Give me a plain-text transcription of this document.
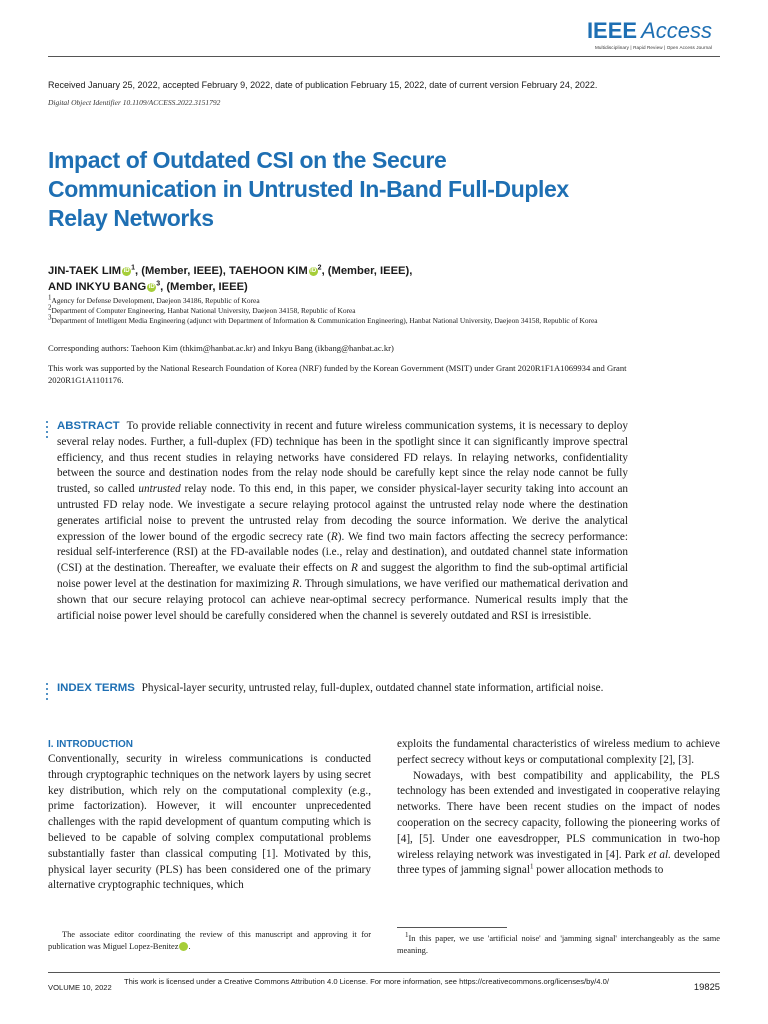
IEEE Access
Multidisciplinary | Rapid Review | Open Access Journal
Received January 25, 2022, accepted February 9, 2022, date of publication February 15, 2022, date of current version February 24, 2022.
Digital Object Identifier 10.1109/ACCESS.2022.3151792
Impact of Outdated CSI on the Secure Communication in Untrusted In-Band Full-Duplex Relay Networks
JIN-TAEK LIM iD $^1$, (Member, IEEE), TAEHOON KIM iD $^2$, (Member, IEEE),
AND INKYU BANG iD $^3$, (Member, IEEE)
$^1$Agency for Defense Development, Daejeon 34186, Republic of Korea
$^2$Department of Computer Engineering, Hanbat National University, Daejeon 34158, Republic of Korea
$^3$Department of Intelligent Media Engineering (adjunct with Department of Information & Communication Engineering), Hanbat National University, Daejeon 34158, Republic of Korea
Corresponding authors: Taehoon Kim (thkim@hanbat.ac.kr) and Inkyu Bang (ikbang@hanbat.ac.kr)
This work was supported by the National Research Foundation of Korea (NRF) funded by the Korean Government (MSIT) under Grant 2020R1F1A1069934 and Grant 2020R1G1A1101176.
ABSTRACT To provide reliable connectivity in recent and future wireless communication systems, it is necessary to deploy several relay nodes. Further, a full-duplex (FD) technique has been in the spotlight since it can significantly improve spectral efficiency, and thus recent studies in relaying networks have considered FD relays. In relaying networks, confidentiality between the source and destination nodes from the relay node should be carefully kept since the relay node cannot be fully trusted, so called untrusted relay node. To this end, in this paper, we consider physical-layer security taking into account an untrusted FD relay node. We investigate a secure relaying protocol against the untrusted relay node where the destination generates artificial noise to prevent the untrusted relay from decoding the source information. We derive the analytical expression of the lower bound of the ergodic secrecy rate (R). We find two main factors affecting the secrecy performance: residual self-interference (RSI) at the FD-available nodes (i.e., relay and destination), and outdated channel state information (CSI) at the destination. Thereafter, we evaluate their effects on R and suggest the algorithm to find the sub-optimal artificial noise power level at the destination for maximizing R. Through simulations, we have verified our mathematical derivation and shown that our secure relaying protocol can achieve near-optimal secrecy performance. Numerical results imply that the artificial noise power level should be carefully considered when the channel is severely outdated and RSI is irresistible.
INDEX TERMS Physical-layer security, untrusted relay, full-duplex, outdated channel state information, artificial noise.
I. INTRODUCTION

Conventionally, security in wireless communications is conducted through cryptographic techniques on the network layers by using secret key distribution, which rely on the computational complexity (e.g., prime factorization). However, it will encounter unprecedented challenges with the rapid development of quantum computing which is believed to be capable of solving complex computational problems substantially faster than classical computing [1]. Motivated by this, physical layer security (PLS) has been considered one of the primary alternative cryptographic techniques, which

exploits the fundamental characteristics of wireless medium to achieve perfect secrecy without keys or computational complexity [2], [3].

Nowadays, with best compatibility and applicability, the PLS technology has been extended and investigated in cooperative relaying networks. There have been recent studies on the impact of nodes cooperation on the secrecy capacity, following the pioneering works of [4], [5]. Under one eavesdropper, PLS communication in two-hop wireless relaying network was investigated in [4]. Park et al. developed three types of jamming signal$^1$ power allocation methods to

The associate editor coordinating the review of this manuscript and approving it for publication was Miguel Lopez-Benitez	iD.
$^1$In this paper, we use 'artificial noise' and 'jamming signal' interchangeably as the same meaning.
VOLUME 10, 2022
This work is licensed under a Creative Commons Attribution 4.0 License. For more information, see https://creativecommons.org/licenses/by/4.0/	19825
